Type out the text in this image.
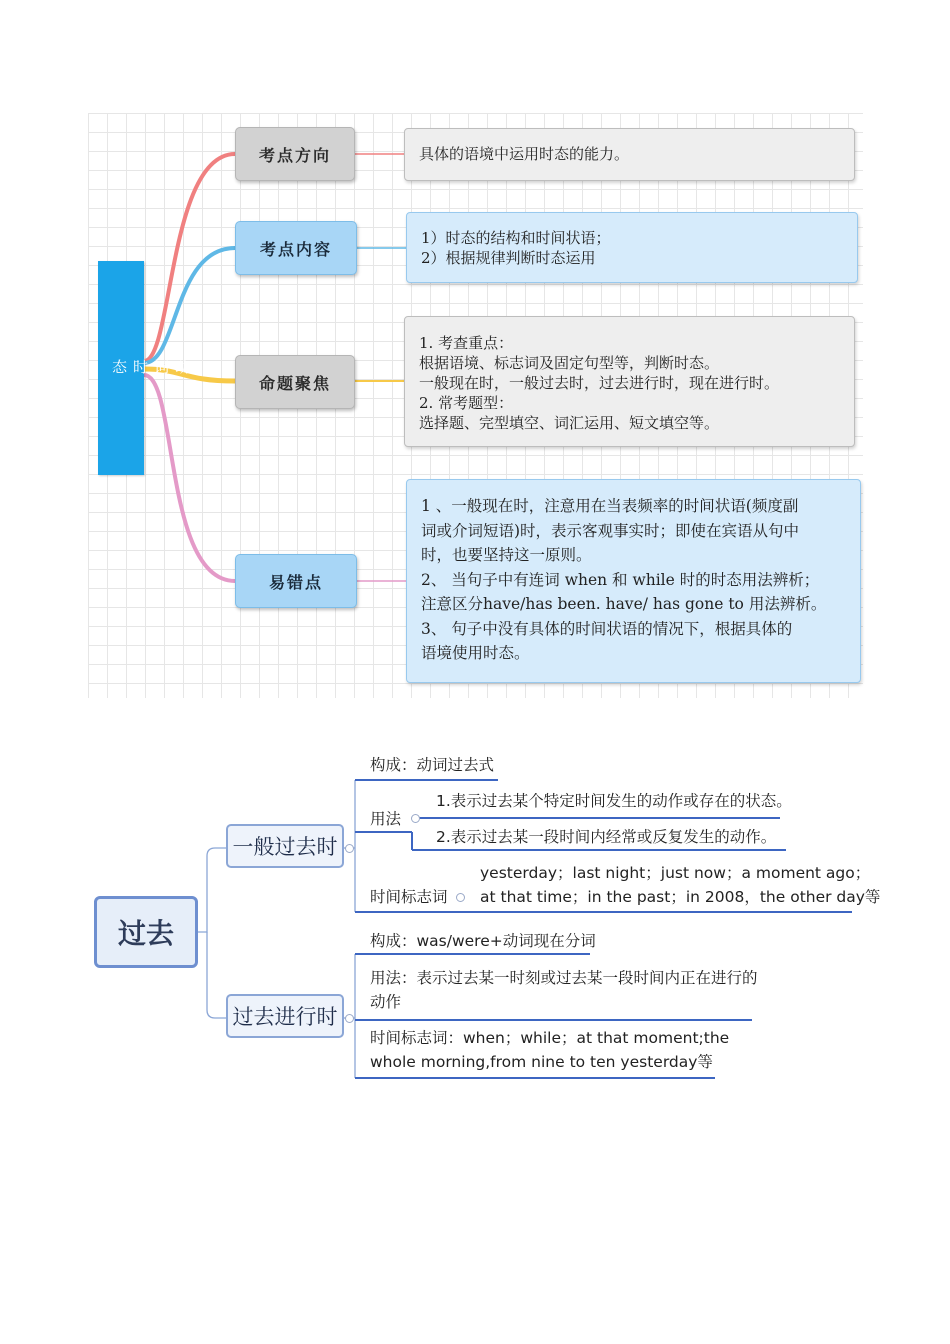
动
词
时
态

考
点
考点方向
考点内容
命题聚焦
易错点
具体的语境中运用时态的能力。
1）时态的结构和时间状语；
2）根据规律判断时态运用
1. 考查重点：
根据语境、标志词及固定句型等，判断时态。
一般现在时，一般过去时，过去进行时，现在进行时。
2. 常考题型：
选择题、完型填空、词汇运用、短文填空等。
1 、一般现在时，注意用在当表频率的时间状语(频度副
词或介词短语)时，表示客观事实时；即使在宾语从句中
时，也要坚持这一原则。
2、 当句子中有连词 when 和 while 时的时态用法辨析；
注意区分have/has been. have/ has gone to 用法辨析。
3、 句子中没有具体的时间状语的情况下，根据具体的
语境使用时态。
过去
一般过去时
过去进行时
构成：动词过去式
用法
1.表示过去某个特定时间发生的动作或存在的状态。
2.表示过去某一段时间内经常或反复发生的动作。
时间标志词
yesterday；last night；just now；a moment ago；
at that time；in the past；in 2008，the other day等
构成：was/were+动词现在分词
用法：表示过去某一时刻或过去某一段时间内正在进行的
动作
时间标志词：when；while；at that moment;the
whole morning,from nine to ten yesterday等
